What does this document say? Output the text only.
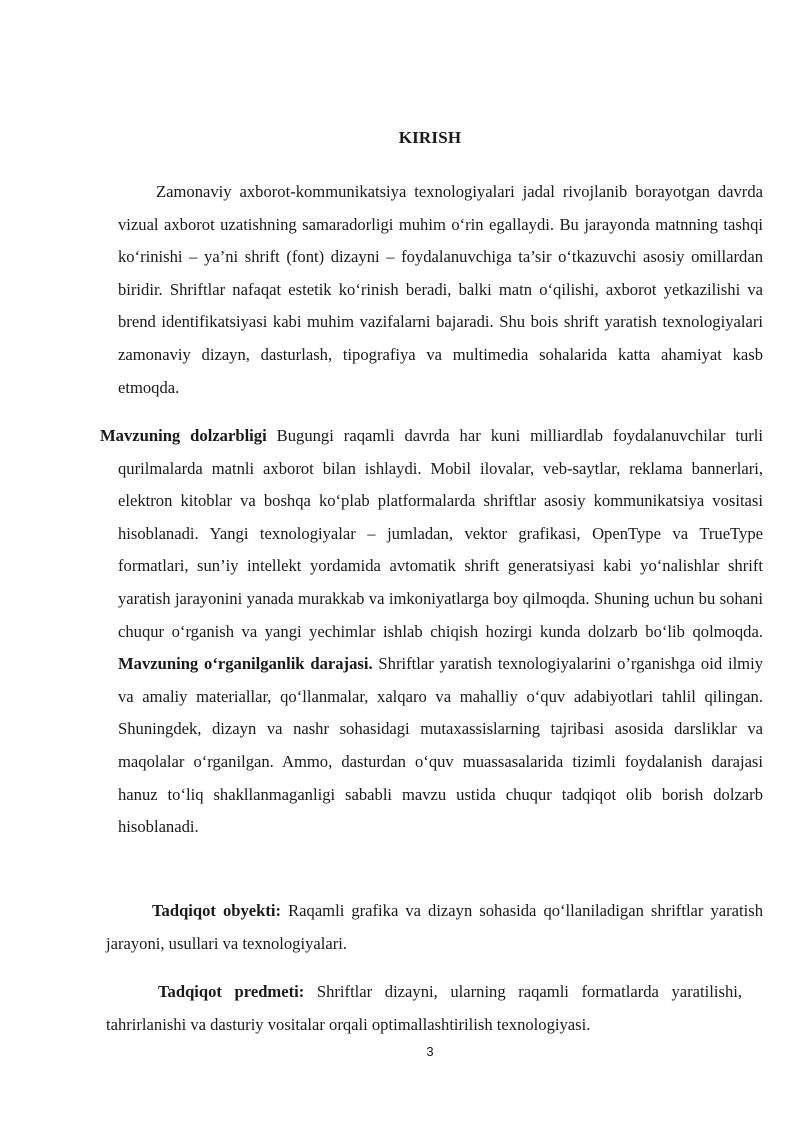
KIRISH

Zamonaviy axborot-kommunikatsiya texnologiyalari jadal rivojlanib borayotgan davrda vizual axborot uzatishning samaradorligi muhim o‘rin egallaydi. Bu jarayonda matnning tashqi ko‘rinishi – ya’ni shrift (font) dizayni – foydalanuvchiga ta’sir o‘tkazuvchi asosiy omillardan biridir. Shriftlar nafaqat estetik ko‘rinish beradi, balki matn o‘qilishi, axborot yetkazilishi va brend identifikatsiyasi kabi muhim vazifalarni bajaradi. Shu bois shrift yaratish texnologiyalari zamonaviy dizayn, dasturlash, tipografiya va multimedia sohalarida katta ahamiyat kasb etmoqda.

Mavzuning dolzarbligi Bugungi raqamli davrda har kuni milliardlab foydalanuvchilar turli qurilmalarda matnli axborot bilan ishlaydi. Mobil ilovalar, veb-saytlar, reklama bannerlari, elektron kitoblar va boshqa ko‘plab platformalarda shriftlar asosiy kommunikatsiya vositasi hisoblanadi. Yangi texnologiyalar – jumladan, vektor grafikasi, OpenType va TrueType formatlari, sun’iy intellekt yordamida avtomatik shrift generatsiyasi kabi yo‘nalishlar shrift yaratish jarayonini yanada murakkab va imkoniyatlarga boy qilmoqda. Shuning uchun bu sohani chuqur o‘rganish va yangi yechimlar ishlab chiqish hozirgi kunda dolzarb bo‘lib qolmoqda. Mavzuning o‘rganilganlik darajasi. Shriftlar yaratish texnologiyalarini o’rganishga oid ilmiy va amaliy materiallar, qo‘llanmalar, xalqaro va mahalliy o‘quv adabiyotlari tahlil qilingan. Shuningdek, dizayn va nashr sohasidagi mutaxassislarning tajribasi asosida darsliklar va maqolalar o‘rganilgan. Ammo, dasturdan o‘quv muassasalarida tizimli foydalanish darajasi hanuz to‘liq shakllanmaganligi sababli mavzu ustida chuqur tadqiqot olib borish dolzarb hisoblanadi.

Tadqiqot obyekti: Raqamli grafika va dizayn sohasida qo‘llaniladigan shriftlar yaratish jarayoni, usullari va texnologiyalari.

Tadqiqot predmeti: Shriftlar dizayni, ularning raqamli formatlarda yaratilishi, tahrirlanishi va dasturiy vositalar orqali optimallashtirilish texnologiyasi.

3
